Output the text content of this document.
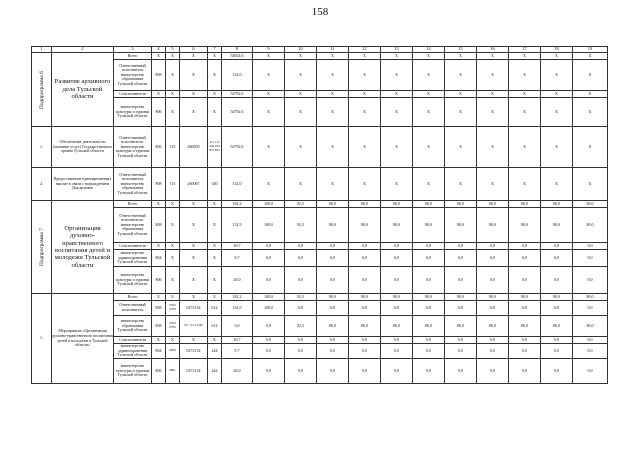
158
1	2	3	4	5	6	7	8	9	10	11	12	13	14	15	16	17	18	19
Подпрограмма 6	Развитие архивного дела Тульской области	Всего	X	X	X	X	54924,6	X	X	X	X	X	X	X	X	X	X	X
		Ответственный исполнитель министерство образования Тульской области	808	X	X	X	132,0	X	X	X	X	X	X	X	X	X	X	X
		Соисполнители	X	X	X	X	54792,6	X	X	X	X	X	X	X	X	X	X	X
		министерство культуры и туризма Тульской области	806	X	X	X	54792,6	X	X	X	X	X	X	X	X	X	X	X
1.	Обеспечение деятельности (оказание услуг) Государственного архива Тульской области	Ответственный исполнитель: министерство культуры и туризма Тульской области	806	113	260059	111 112 240 244 851 852	54792,6	X	X	X	X	X	X	X	X	X	X	X
2.	Предоставление единовременных выплат в связи с награждением Дня архивов	Ответственный исполнитель министерство образования Тульской области	808	113	260067	340	132,0	X	X	X	X	X	X	X	X	X	X	X
Подпрограмма 7	Организация духовно-нравственного воспитания детей и молодежи Тульской области	Всего	X	X	X	X	182,2	100,0	92,5	80,0	80,0	80,0	80,0	80,0	80,0	80,0	80,0	80,0
		Ответственный исполнитель: министерство образования Тульской области	808	X	X	X	132,5	100,0	92,5	80,0	80,0	80,0	80,0	80,0	80,0	80,0	80,0	80,0
		Соисполнители	X	X	X	X	49,7	0,0	0,0	0,0	0,0	0,0	0,0	0,0	0,0	0,0	0,0	0,0
		министерство здравоохранения Тульской области	804	X	X	X	9,7	0,0	0,0	0,0	0,0	0,0	0,0	0,0	0,0	0,0	0,0	0,0
		министерство культуры и туризма Тульской области	806	X	X	X	40,0	0,0	0,0	0,0	0,0	0,0	0,0	0,0	0,0	0,0	0,0	0,0
1.	Мероприятие «Организация духовно-нравственного воспитания детей и молодёжи в Тульской области»	Всего	X	X	X	X	182,2	100,0	92,5	80,0	80,0	80,0	80,0	80,0	80,0	80,0	80,0	80,0
		Ответственный исполнитель	808	0702 0709	0272134	612	132,5	100,0	0,0	0,0	0,0	0,0	0,0	0,0	0,0	0,0	0,0	0,0
		министерство образования Тульской области	808	0702 0709	02 7 01 21340	612	0,0	0,0	92,5	80,0	80,0	80,0	80,0	80,0	80,0	80,0	80,0	80,0
		Соисполнители	X	X	X	X	49,7	0,0	0,0	0,0	0,0	0,0	0,0	0,0	0,0	0,0	0,0	0,0
		министерство здравоохранения Тульской области	804	0909	0272134	244	9,7	0,0	0,0	0,0	0,0	0,0	0,0	0,0	0,0	0,0	0,0	0,0
		министерство культуры и туризма Тульской области	806	0801	0272134	244	40,0	0,0	0,0	0,0	0,0	0,0	0,0	0,0	0,0	0,0	0,0	0,0
